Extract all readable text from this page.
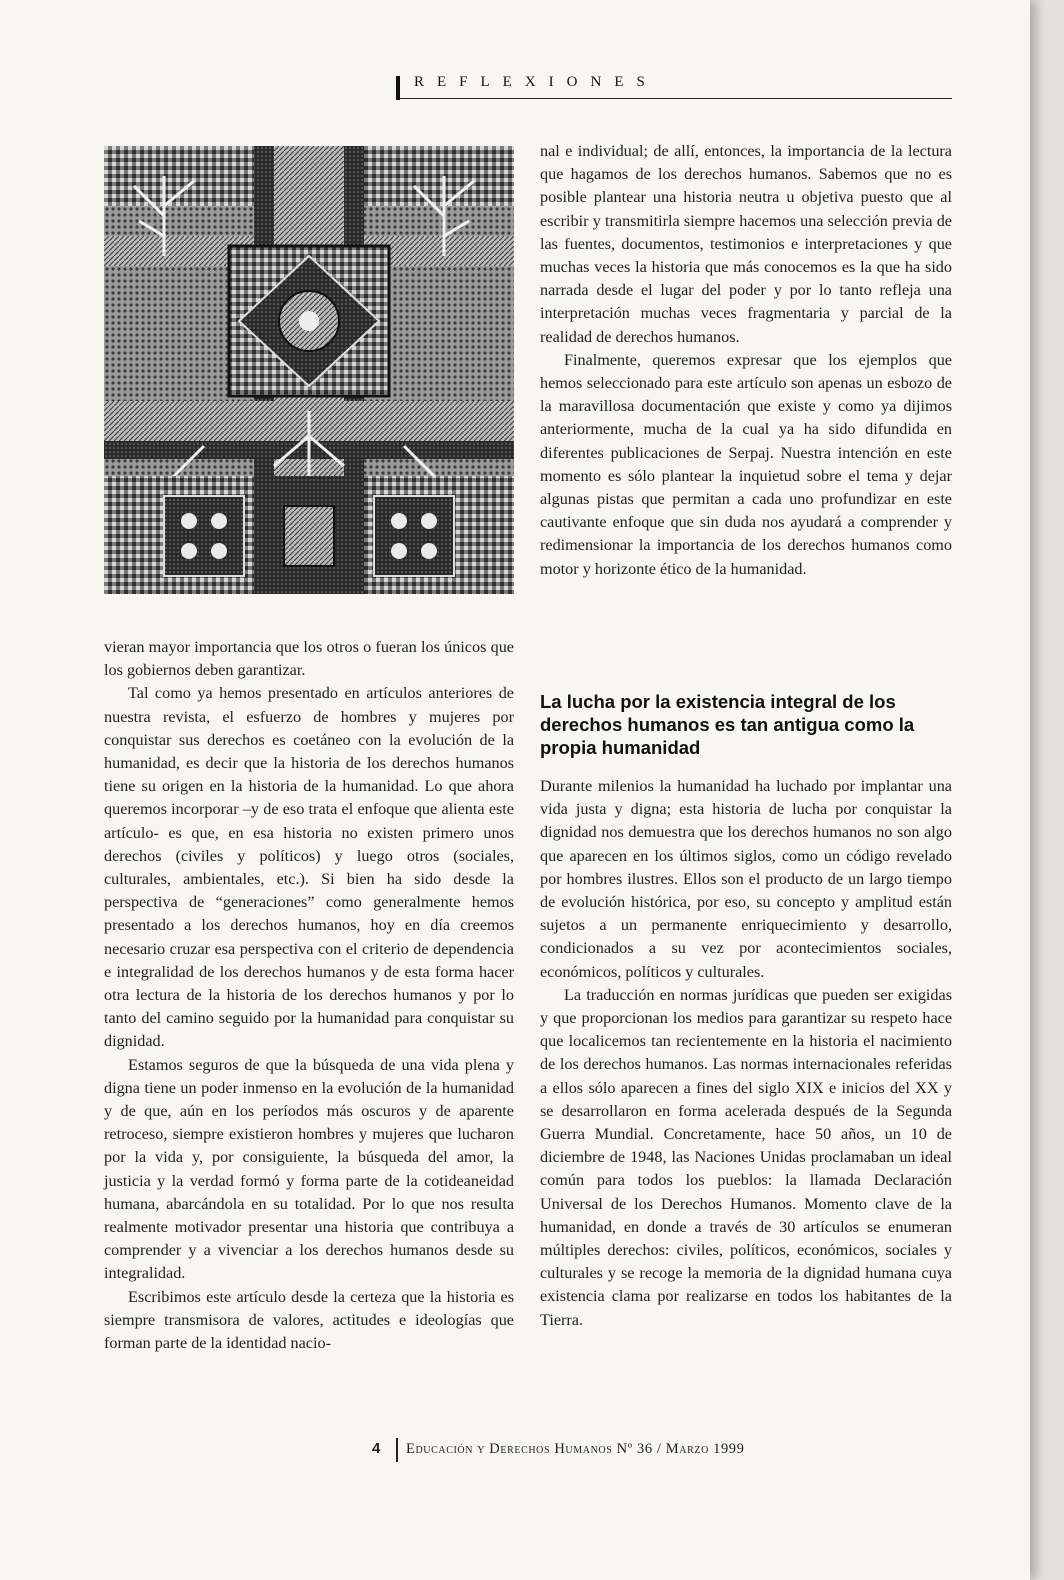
REFLEXIONES

vieran mayor importancia que los otros o fueran los únicos que los gobiernos deben garantizar.

Tal como ya hemos presentado en artículos anteriores de nuestra revista, el esfuerzo de hombres y mujeres por conquistar sus derechos es coetáneo con la evolución de la humanidad, es decir que la historia de los derechos humanos tiene su origen en la historia de la humanidad. Lo que ahora queremos incorporar –y de eso trata el enfoque que alienta este artículo- es que, en esa historia no existen primero unos derechos (civiles y políticos) y luego otros (sociales, culturales, ambientales, etc.). Si bien ha sido desde la perspectiva de “generaciones” como generalmente hemos presentado a los derechos humanos, hoy en día creemos necesario cruzar esa perspectiva con el criterio de dependencia e integralidad de los derechos humanos y de esta forma hacer otra lectura de la historia de los derechos humanos y por lo tanto del camino seguido por la humanidad para conquistar su dignidad.

Estamos seguros de que la búsqueda de una vida plena y digna tiene un poder inmenso en la evolución de la humanidad y de que, aún en los períodos más oscuros y de aparente retroceso, siempre existieron hombres y mujeres que lucharon por la vida y, por consiguiente, la búsqueda del amor, la justicia y la verdad formó y forma parte de la cotideaneidad humana, abarcándola en su totalidad. Por lo que nos resulta realmente motivador presentar una historia que contribuya a comprender y a vivenciar a los derechos humanos desde su integralidad.

Escribimos este artículo desde la certeza que la historia es siempre transmisora de valores, actitudes e ideologías que forman parte de la identidad nacio-

nal e individual; de allí, entonces, la importancia de la lectura que hagamos de los derechos humanos. Sabemos que no es posible plantear una historia neutra u objetiva puesto que al escribir y transmitirla siempre hacemos una selección previa de las fuentes, documentos, testimonios e interpretaciones y que muchas veces la historia que más conocemos es la que ha sido narrada desde el lugar del poder y por lo tanto refleja una interpretación muchas veces fragmentaria y parcial de la realidad de derechos humanos.

Finalmente, queremos expresar que los ejemplos que hemos seleccionado para este artículo son apenas un esbozo de la maravillosa documentación que existe y como ya dijimos anteriormente, mucha de la cual ya ha sido difundida en diferentes publicaciones de Serpaj. Nuestra intención en este momento es sólo plantear la inquietud sobre el tema y dejar algunas pistas que permitan a cada uno profundizar en este cautivante enfoque que sin duda nos ayudará a comprender y redimensionar la importancia de los derechos humanos como motor y horizonte ético de la humanidad.

La lucha por la existencia integral de los derechos humanos es tan antigua como la propia humanidad

Durante milenios la humanidad ha luchado por implantar una vida justa y digna; esta historia de lucha por conquistar la dignidad nos demuestra que los derechos humanos no son algo que aparecen en los últimos siglos, como un código revelado por hombres ilustres. Ellos son el producto de un largo tiempo de evolución histórica, por eso, su concepto y amplitud están sujetos a un permanente enriquecimiento y desarrollo, condicionados a su vez por acontecimientos sociales, económicos, políticos y culturales.

La traducción en normas jurídicas que pueden ser exigidas y que proporcionan los medios para garantizar su respeto hace que localicemos tan recientemente en la historia el nacimiento de los derechos humanos. Las normas internacionales referidas a ellos sólo aparecen a fines del siglo XIX e inicios del XX y se desarrollaron en forma acelerada después de la Segunda Guerra Mundial. Concretamente, hace 50 años, un 10 de diciembre de 1948, las Naciones Unidas proclamaban un ideal común para todos los pueblos: la llamada Declaración Universal de los Derechos Humanos. Momento clave de la humanidad, en donde a través de 30 artículos se enumeran múltiples derechos: civiles, políticos, económicos, sociales y culturales y se recoge la memoria de la dignidad humana cuya existencia clama por realizarse en todos los habitantes de la Tierra.

4 Educación y Derechos Humanos Nº 36 / Marzo 1999
